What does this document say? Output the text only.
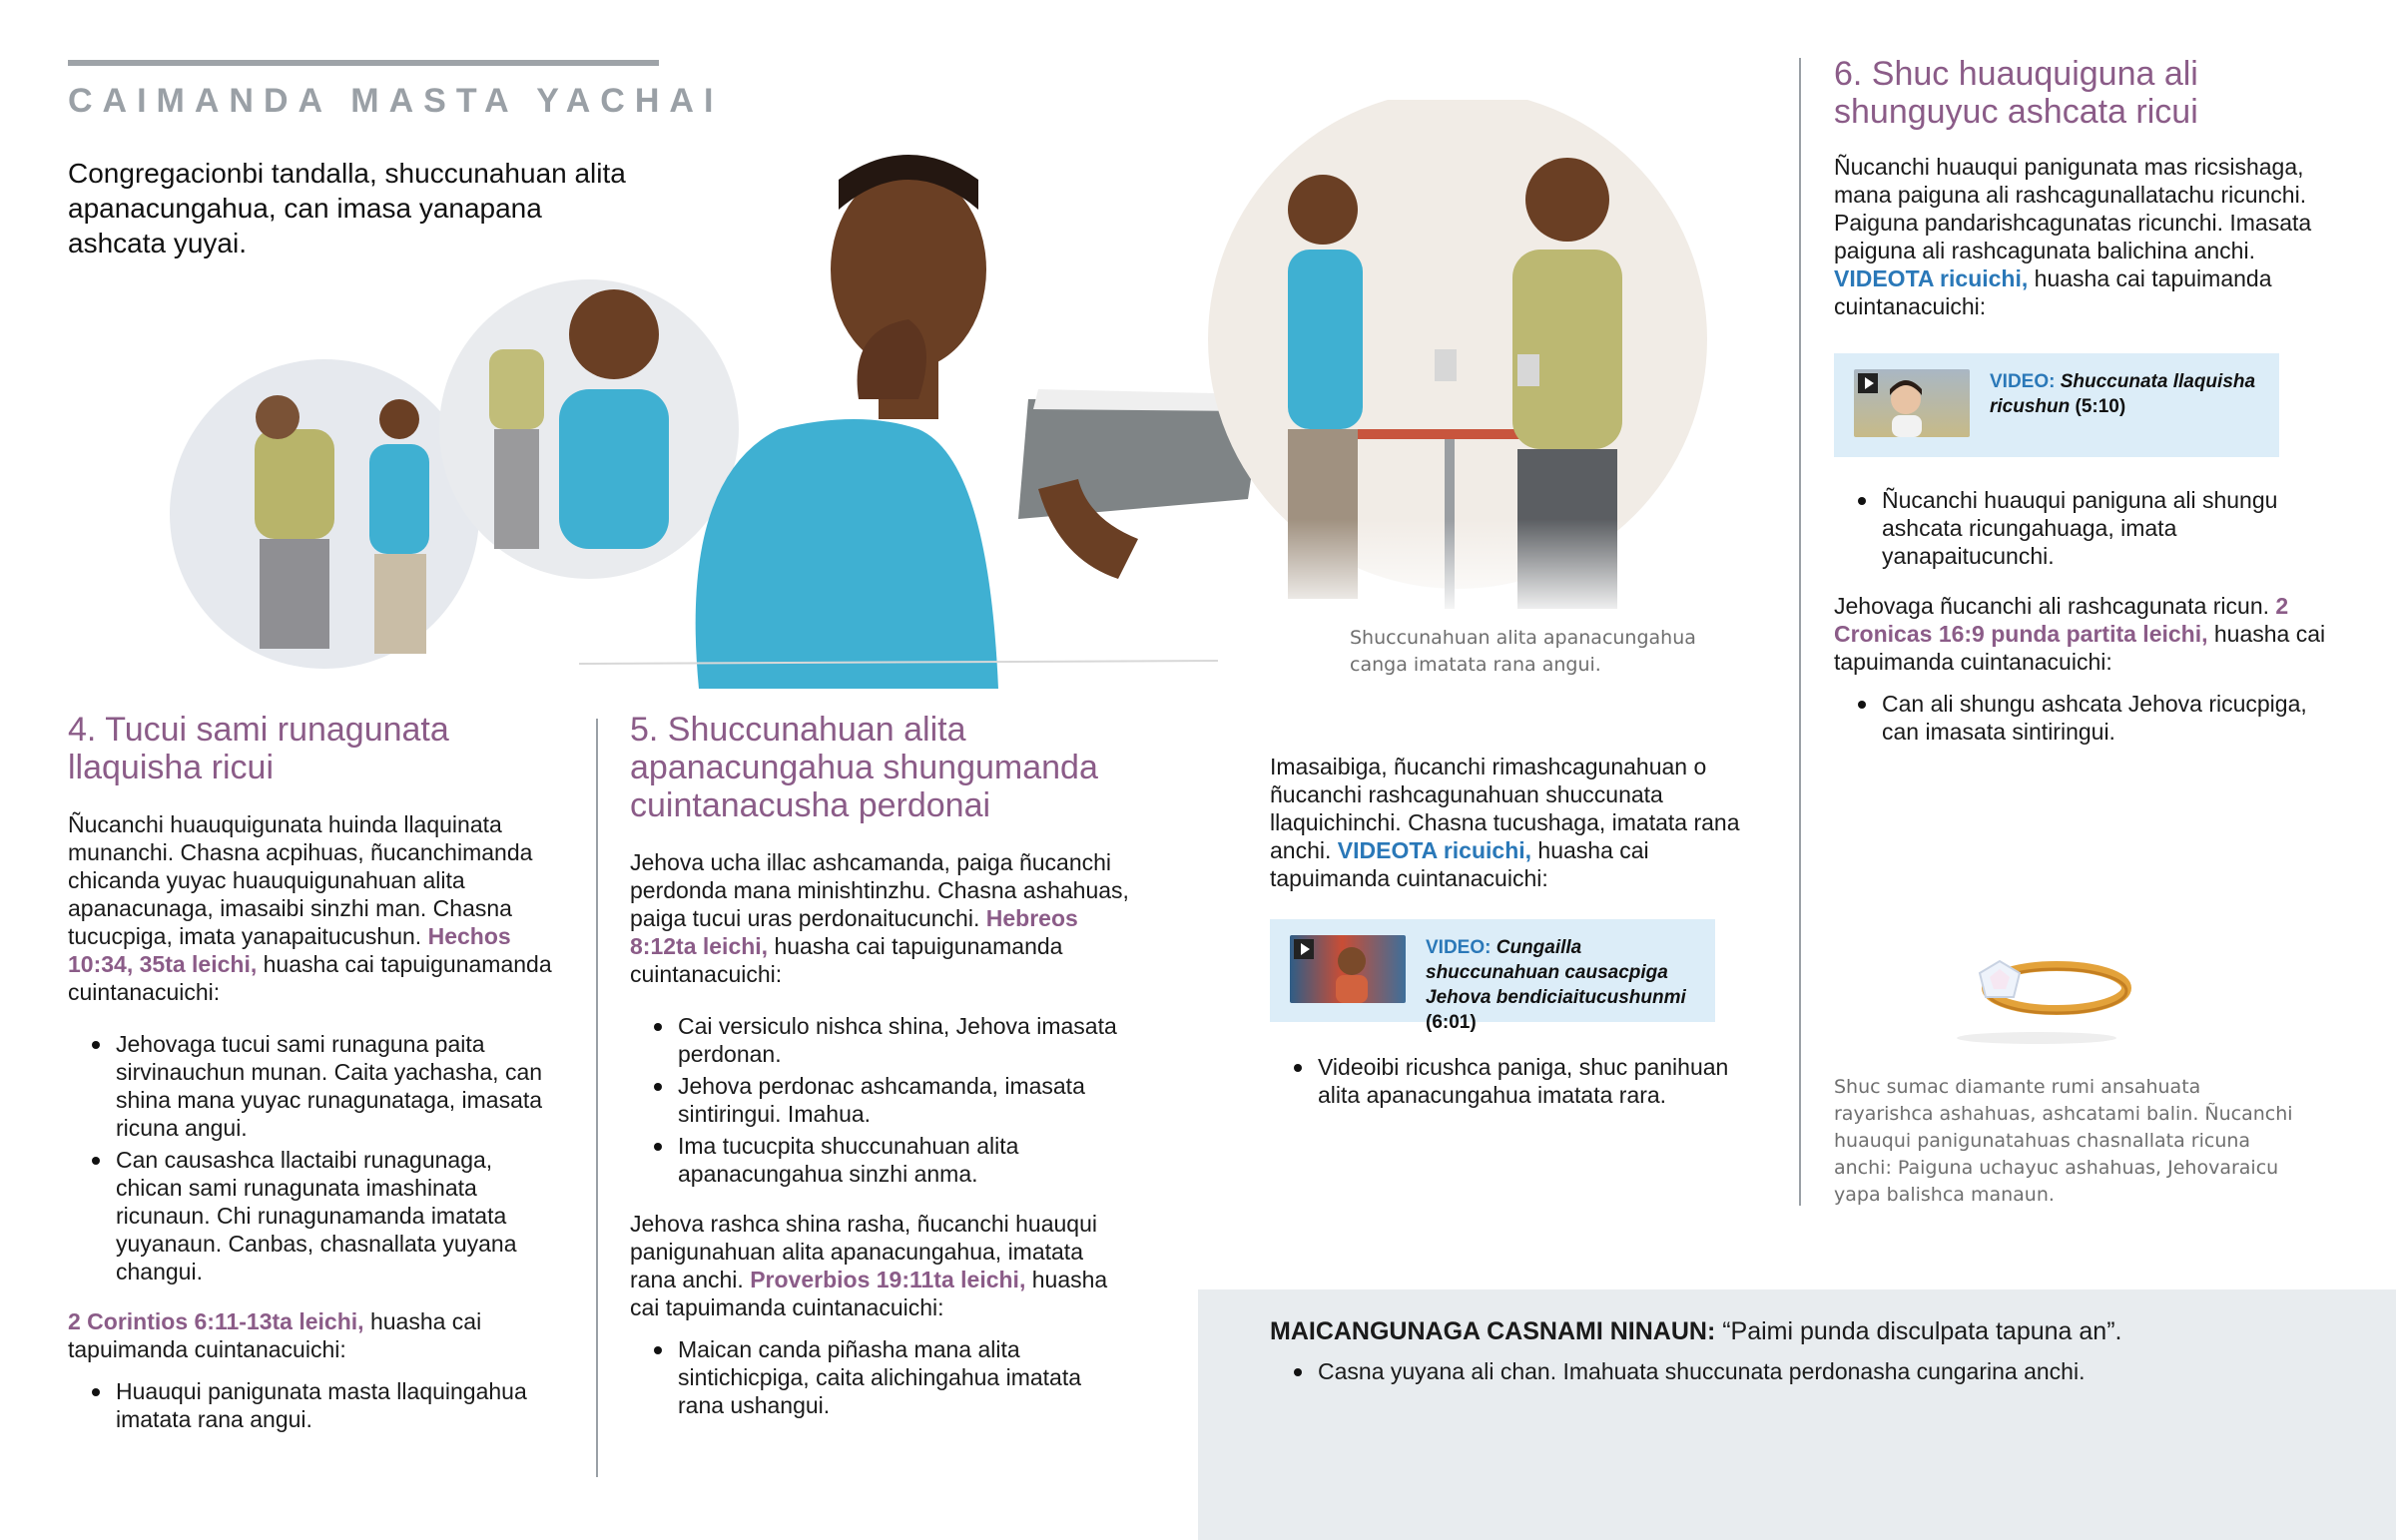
CAIMANDA MASTA YACHAI
Congregacionbi tandalla, shuccunahuan alita apanacungahua, can imasa yanapana ashcata yuyai.
Shuccunahuan alita apanacungahua canga imatata rana angui.
4. Tucui sami runagunata llaquisha ricui

Ñucanchi huauquigunata huinda llaquinata munanchi. Chasna acpihuas, ñucanchimanda chicanda yuyac huauquigunahuan alita apanacunaga, imasaibi sinzhi man. Chasna tucucpiga, imata yanapaitucushun. Hechos 10:34, 35ta leichi, huasha cai tapuigunamanda cuintanacuichi:

Jehovaga tucui sami runaguna paita sirvinauchun munan. Caita yachasha, can shina mana yuyac runagunataga, imasata ricuna angui.
Can causashca llactaibi runagunaga, chican sami runagunata imashinata ricunaun. Chi runagunamanda imatata yuyanaun. Canbas, chasnallata yuyana changui.

2 Corintios 6:11-13ta leichi, huasha cai tapuimanda cuintanacuichi:

Huauqui panigunata masta llaquingahua imatata rana angui.
5. Shuccunahuan alita apanacungahua shungumanda cuintanacusha perdonai

Jehova ucha illac ashcamanda, paiga ñucanchi perdonda mana minishtinzhu. Chasna ashahuas, paiga tucui uras perdonaitucunchi. Hebreos 8:12ta leichi, huasha cai tapuigunamanda cuintanacuichi:

Cai versiculo nishca shina, Jehova imasata perdonan.
Jehova perdonac ashcamanda, imasata sintiringui. Imahua.
Ima tucucpita shuccunahuan alita apanacungahua sinzhi anma.

Jehova rashca shina rasha, ñucanchi huauqui panigunahuan alita apanacungahua, imatata rana anchi. Proverbios 19:11ta leichi, huasha cai tapuimanda cuintanacuichi:

Maican canda piñasha mana alita sintichicpiga, caita alichingahua imatata rana ushangui.

Imasaibiga, ñucanchi rimashcagunahuan o ñucanchi rashcagunahuan shuccunata llaquichinchi. Chasna tucushaga, imatata rana anchi. VIDEOTA ricuichi, huasha cai tapuimanda cuintanacuichi:

VIDEO: Cungailla shuccunahuan causacpiga Jehova bendiciaitucushunmi (6:01)
Videoibi ricushca paniga, shuc panihuan alita apanacungahua imatata rara.
6. Shuc huauquiguna ali shunguyuc ashcata ricui

Ñucanchi huauqui panigunata mas ricsishaga, mana paiguna ali rashcagunallatachu ricunchi. Paiguna pandarishcagunatas ricunchi. Imasata paiguna ali rashcagunata balichina anchi. VIDEOTA ricuichi, huasha cai tapuimanda cuintanacuichi:

VIDEO: Shuccunata llaquisha ricushun (5:10)
Ñucanchi huauqui paniguna ali shungu ashcata ricungahuaga, imata yanapaitucunchi.

Jehovaga ñucanchi ali rashcagunata ricun. 2 Cronicas 16:9 punda partita leichi, huasha cai tapuimanda cuintanacuichi:

Can ali shungu ashcata Jehova ricucpiga, can imasata sintiringui.
Shuc sumac diamante rumi ansahuata rayarishca ashahuas, ashcatami balin. Ñucanchi huauqui panigunatahuas chasnallata ricuna anchi: Paiguna uchayuc ashahuas, Jehovaraicu yapa balishca manaun.

MAICANGUNAGA CASNAMI NINAUN: “Paimi punda disculpata tapuna an”.

Casna yuyana ali chan. Imahuata shuccunata perdonasha cungarina anchi.
